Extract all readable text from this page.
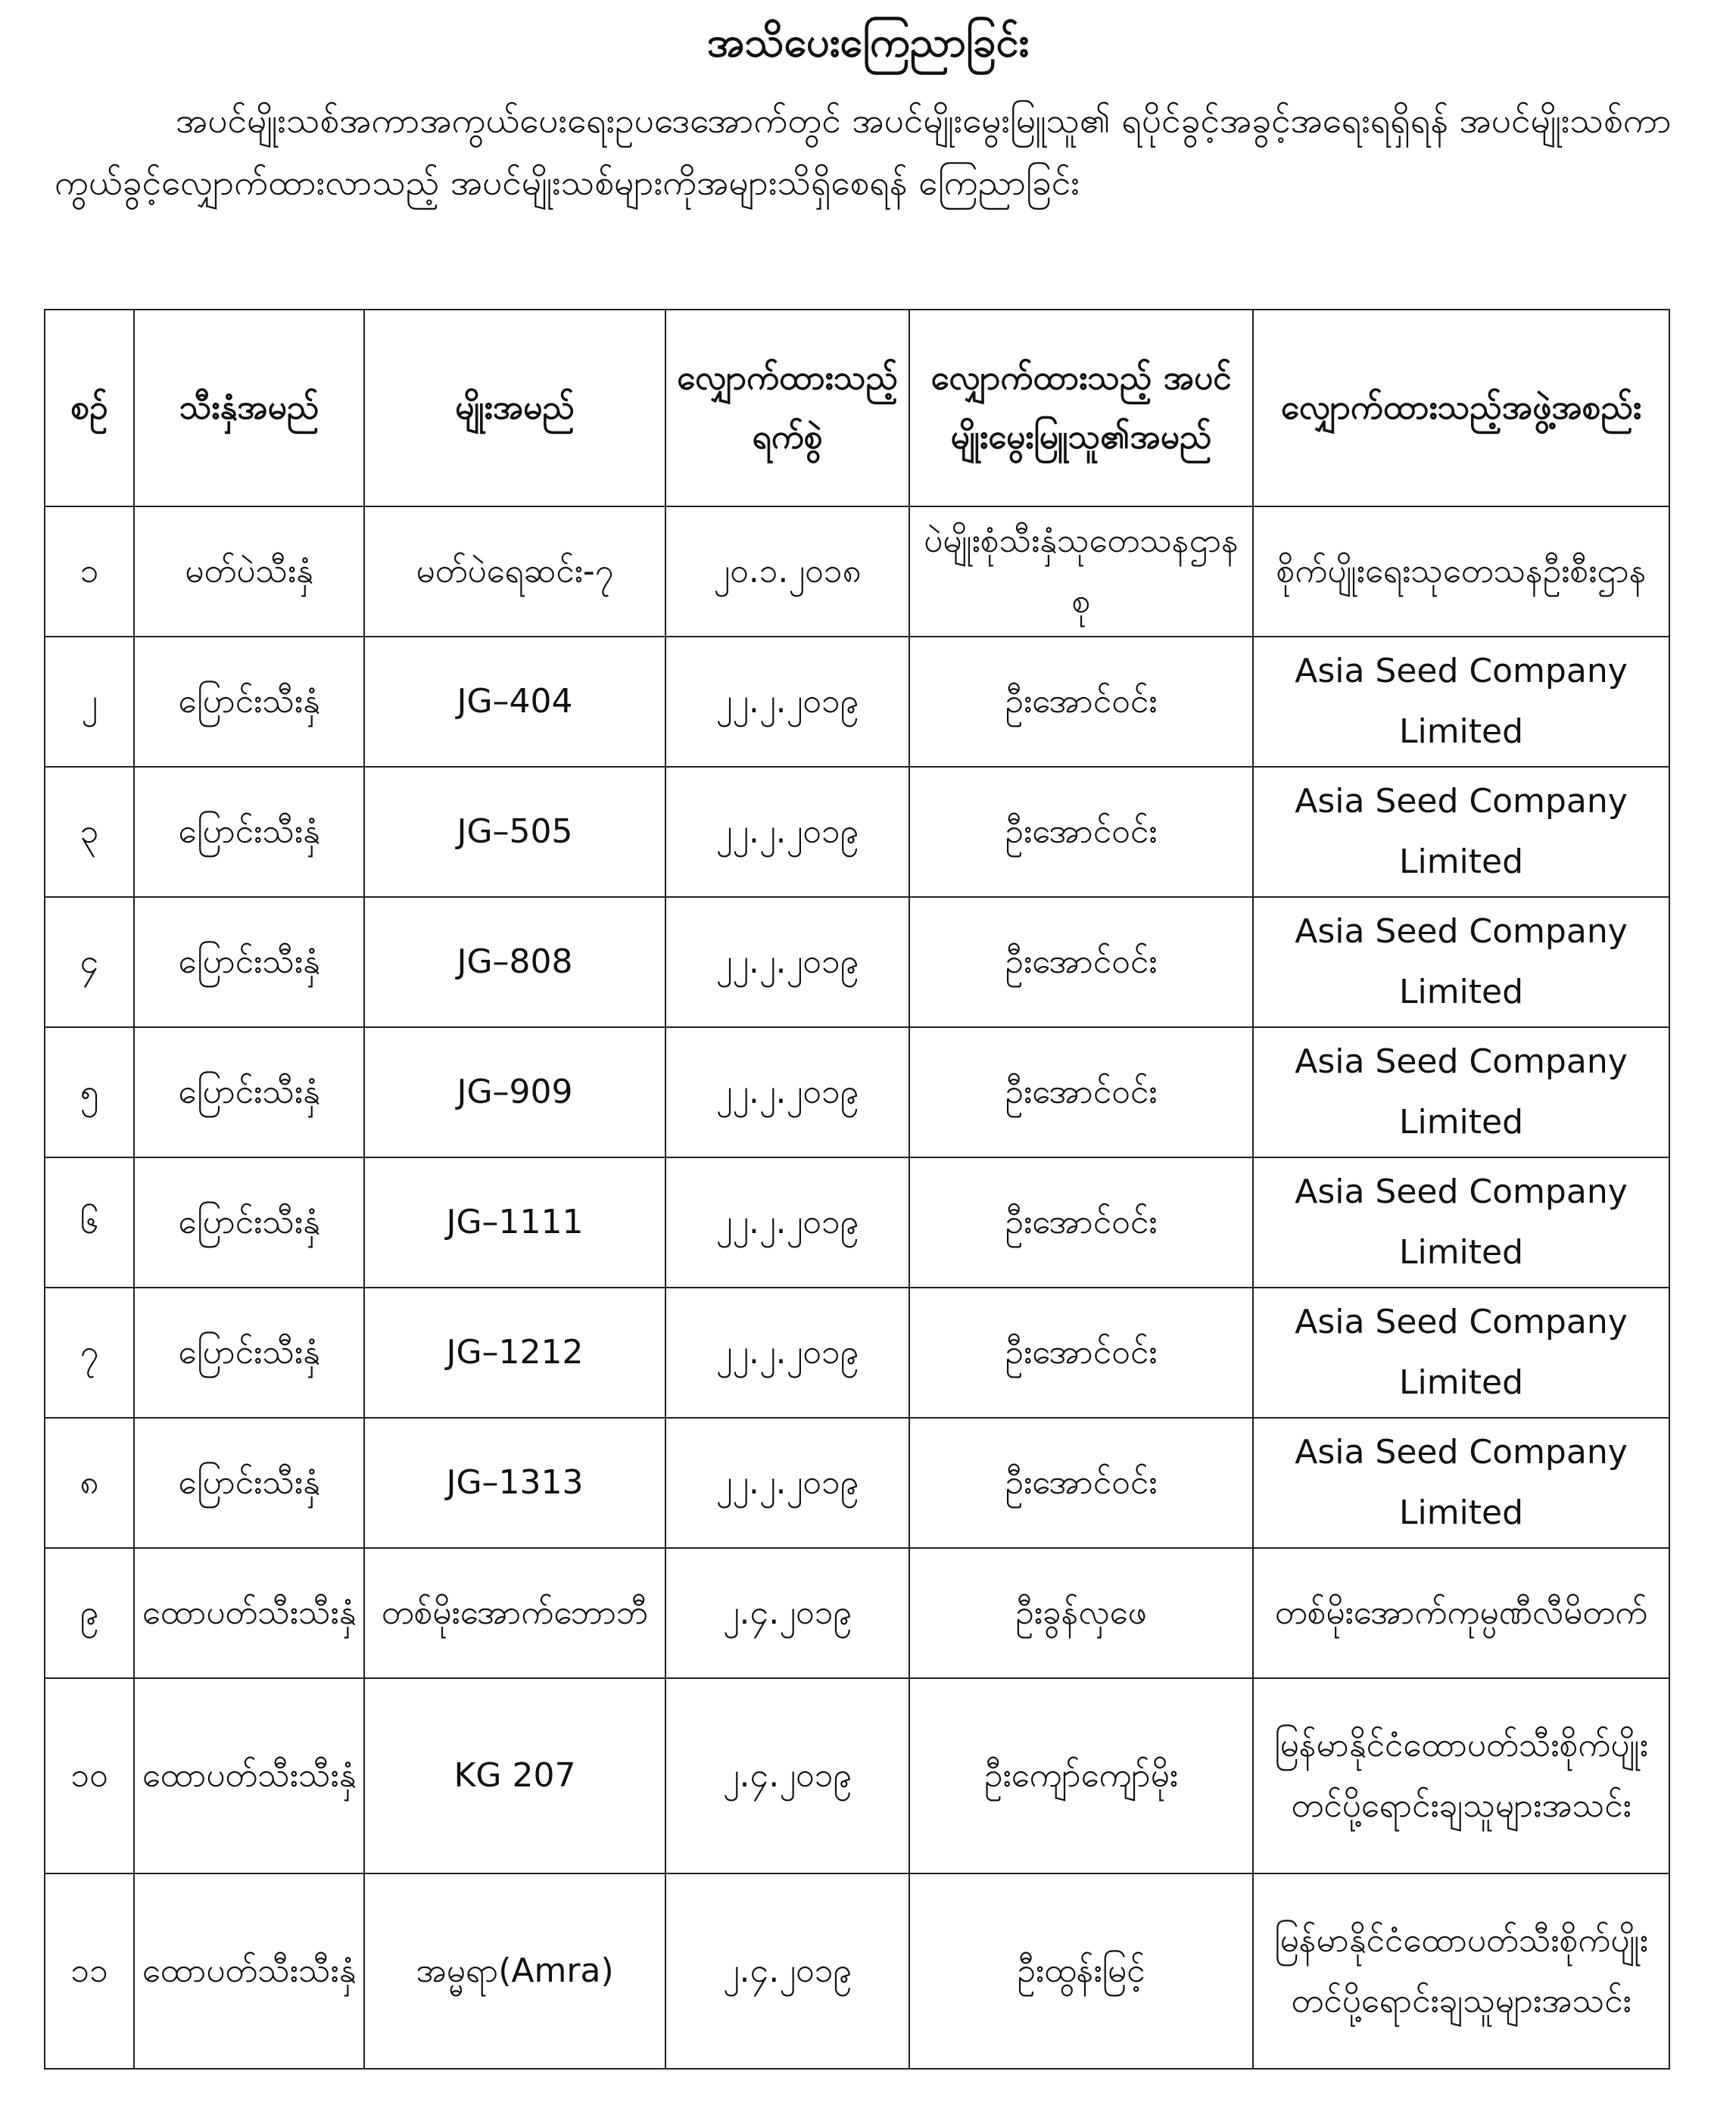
အသိပေးကြေညာခြင်း

အပင်မျိုးသစ်အကာအကွယ်ပေးရေးဥပဒေအောက်တွင် အပင်မျိုးမွေးမြူသူ၏ ရပိုင်ခွင့်အခွင့်အရေးရရှိရန် အပင်မျိုးသစ်ကာကွယ်ခွင့်လျှောက်ထားလာသည့် အပင်မျိုးသစ်များကိုအများသိရှိစေရန် ကြေညာခြင်း

စဉ်	သီးနှံအမည်	မျိုးအမည်	လျှောက်ထားသည့်ရက်စွဲ	လျှောက်ထားသည့် အပင်မျိုးမွေးမြူသူ၏အမည်	လျှောက်ထားသည့်အဖွဲ့အစည်း
၁	မတ်ပဲသီးနှံ	မတ်ပဲရေဆင်း-၇	၂၀.၁.၂၀၁၈	ပဲမျိုးစုံသီးနှံသုတေသနဌာနစု	စိုက်ပျိုးရေးသုတေသနဦးစီးဌာန
၂	ပြောင်းသီးနှံ	JG–404	၂၂.၂.၂၀၁၉	ဦးအောင်ဝင်း	Asia Seed Company Limited
၃	ပြောင်းသီးနှံ	JG–505	၂၂.၂.၂၀၁၉	ဦးအောင်ဝင်း	Asia Seed Company Limited
၄	ပြောင်းသီးနှံ	JG–808	၂၂.၂.၂၀၁၉	ဦးအောင်ဝင်း	Asia Seed Company Limited
၅	ပြောင်းသီးနှံ	JG–909	၂၂.၂.၂၀၁၉	ဦးအောင်ဝင်း	Asia Seed Company Limited
၆	ပြောင်းသီးနှံ	JG–1111	၂၂.၂.၂၀၁၉	ဦးအောင်ဝင်း	Asia Seed Company Limited
၇	ပြောင်းသီးနှံ	JG–1212	၂၂.၂.၂၀၁၉	ဦးအောင်ဝင်း	Asia Seed Company Limited
၈	ပြောင်းသီးနှံ	JG–1313	၂၂.၂.၂၀၁၉	ဦးအောင်ဝင်း	Asia Seed Company Limited
၉	ထောပတ်သီးသီးနှံ	တစ်မိုးအောက်ဘောဘီ	၂.၄.၂၀၁၉	ဦးခွန်လှဖေ	တစ်မိုးအောက်ကုမ္ပဏီလီမိတက်
၁၀	ထောပတ်သီးသီးနှံ	KG 207	၂.၄.၂၀၁၉	ဦးကျော်ကျော်မိုး	မြန်မာနိုင်ငံထောပတ်သီးစိုက်ပျိုးတင်ပို့ရောင်းချသူများအသင်း
၁၁	ထောပတ်သီးသီးနှံ	အမ္မရာ(Amra)	၂.၄.၂၀၁၉	ဦးထွန်းမြင့်	မြန်မာနိုင်ငံထောပတ်သီးစိုက်ပျိုးတင်ပို့ရောင်းချသူများအသင်း
